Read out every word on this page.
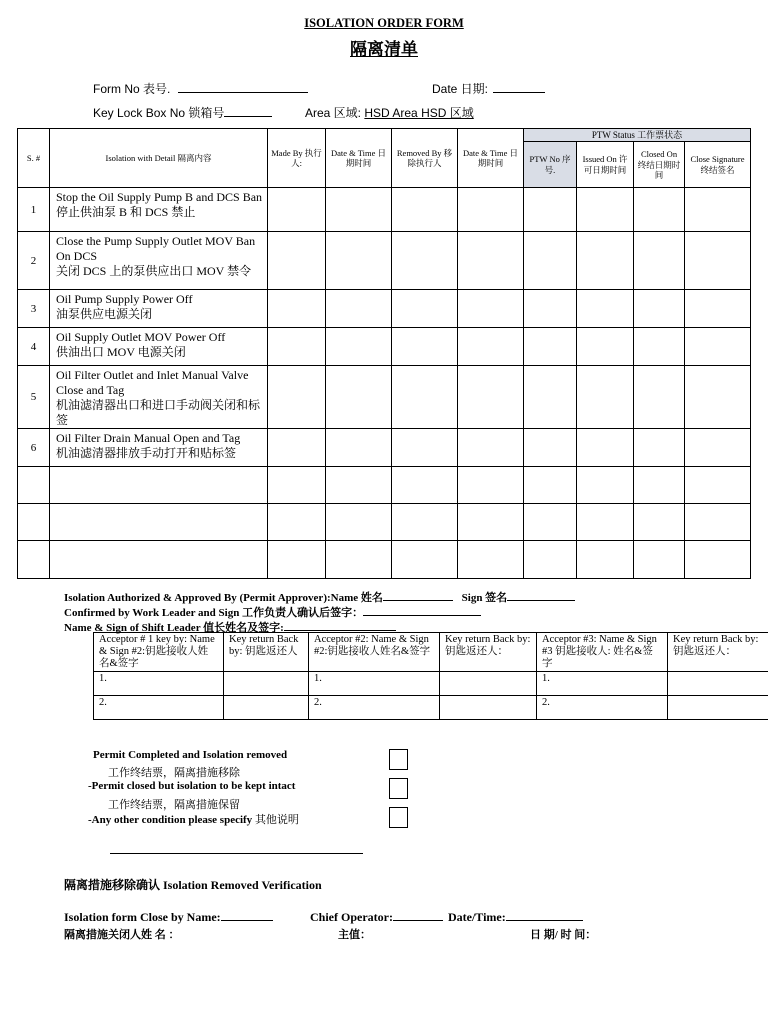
ISOLATION ORDER FORM
隔离清单
Form No 表号.	Date 日期:
Key Lock Box No 锁箱号	Area 区域: HSD Area HSD 区域
S. #	Isolation with Detail 隔离内容	Made By 执行人:	Date & Time 日期时间	Removed By 移除执行人	Date & Time 日期时间	PTW Status 工作票状态			
						PTW No 序号.	Issued On 许可日期时间	Closed On 终结日期时间	Close Signature 终结签名
1	Stop the Oil Supply Pump B and DCS Ban
停止供油泵 B 和 DCS 禁止								

2	Close the Pump Supply Outlet MOV Ban On DCS
关闭 DCS 上的泵供应出口 MOV 禁令								

3	Oil Pump Supply Power Off
油泵供应电源关闭								

4	Oil Supply Outlet MOV Power Off
供油出口 MOV 电源关闭								

5	Oil Filter Outlet and Inlet Manual Valve Close and Tag
机油滤清器出口和进口手动阀关闭和标签								

6	Oil Filter Drain Manual Open and Tag
机油滤清器排放手动打开和贴标签								

Isolation Authorized & Approved By (Permit Approver):Name 姓名	Sign 签名
Confirmed by Work Leader and Sign 工作负责人确认后签字：
Name & Sign of Shift Leader 值长姓名及签字:
Acceptor # 1 key by: Name & Sign #2:钥匙接收人姓名&签字	Key return Back by: 钥匙返还人	Acceptor #2: Name & Sign #2:钥匙接收人姓名&签字	Key return Back by:钥匙返还人：	Acceptor #3: Name & Sign #3 钥匙接收人: 姓名&签字	Key return Back by: 钥匙返还人：
1.		1.		1.	
2.		2.		2.	
Permit Completed and Isolation removed
工作终结票，隔离措施移除
-Permit closed but isolation to be kept intact
工作终结票，隔离措施保留
-Any other condition please specify 其他说明
隔离措施移除确认 Isolation Removed Verification
Isolation form Close by Name:	Chief Operator:	Date/Time:
隔离措施关闭人姓 名 ：	主值：	日 期/ 时 间：
